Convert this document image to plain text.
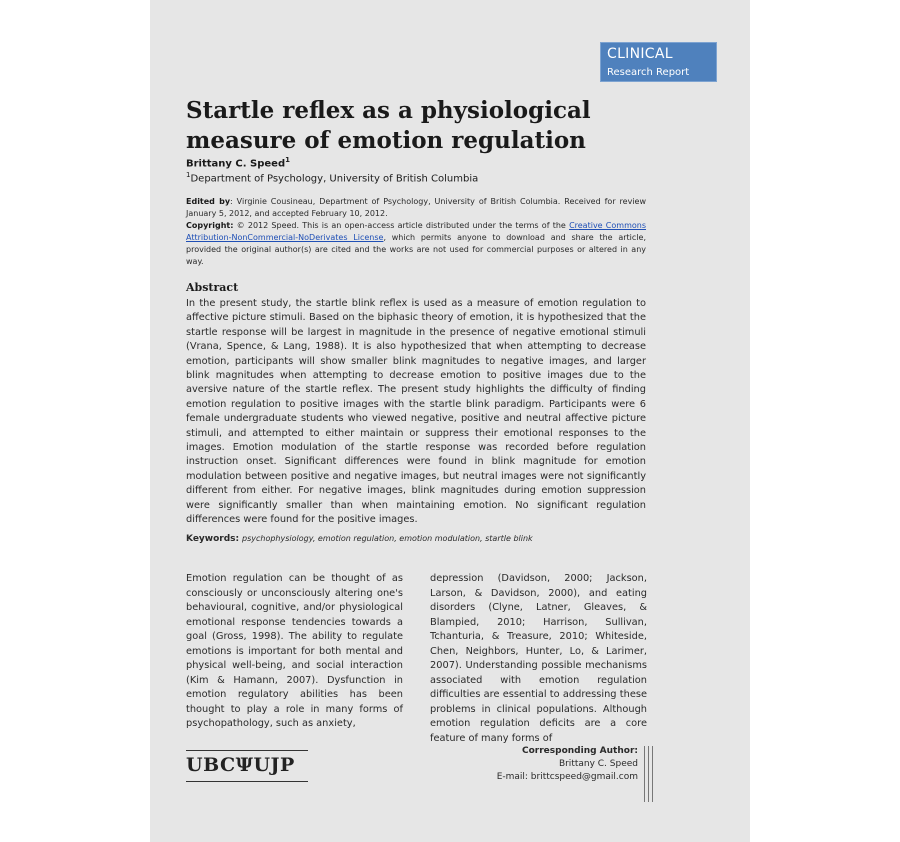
CLINICAL
Research Report
Startle reflex as a physiological measure of emotion regulation
Brittany C. Speed$^1$
$^1$Department of Psychology, University of British Columbia
Edited by: Virginie Cousineau, Department of Psychology, University of British Columbia. Received for review January 5, 2012, and accepted February 10, 2012.
Copyright: © 2012 Speed. This is an open-access article distributed under the terms of the Creative Commons Attribution-NonCommercial-NoDerivates License, which permits anyone to download and share the article, provided the original author(s) are cited and the works are not used for commercial purposes or altered in any way.
Abstract
In the present study, the startle blink reflex is used as a measure of emotion regulation to affective picture stimuli. Based on the biphasic theory of emotion, it is hypothesized that the startle response will be largest in magnitude in the presence of negative emotional stimuli (Vrana, Spence, & Lang, 1988). It is also hypothesized that when attempting to decrease emotion, participants will show smaller blink magnitudes to negative images, and larger blink magnitudes when attempting to decrease emotion to positive images due to the aversive nature of the startle reflex. The present study highlights the difficulty of finding emotion regulation to positive images with the startle blink paradigm. Participants were 6 female undergraduate students who viewed negative, positive and neutral affective picture stimuli, and attempted to either maintain or suppress their emotional responses to the images. Emotion modulation of the startle response was recorded before regulation instruction onset. Significant differences were found in blink magnitude for emotion modulation between positive and negative images, but neutral images were not significantly different from either. For negative images, blink magnitudes during emotion suppression were significantly smaller than when maintaining emotion. No significant regulation differences were found for the positive images.
Keywords: psychophysiology, emotion regulation, emotion modulation, startle blink
Emotion regulation can be thought of as consciously or unconsciously altering one's behavioural, cognitive, and/or physiological emotional response tendencies towards a goal (Gross, 1998). The ability to regulate emotions is important for both mental and physical well-being, and social interaction (Kim & Hamann, 2007). Dysfunction in emotion regulatory abilities has been thought to play a role in many forms of psychopathology, such as anxiety,
depression (Davidson, 2000; Jackson, Larson, & Davidson, 2000), and eating disorders (Clyne, Latner, Gleaves, & Blampied, 2010; Harrison, Sullivan, Tchanturia, & Treasure, 2010; Whiteside, Chen, Neighbors, Hunter, Lo, & Larimer, 2007). Understanding possible mechanisms associated with emotion regulation difficulties are essential to addressing these problems in clinical populations. Although emotion regulation deficits are a core feature of many forms of
UBCΨUJP
Corresponding Author:
Brittany C. Speed
E-mail: brittcspeed@gmail.com
